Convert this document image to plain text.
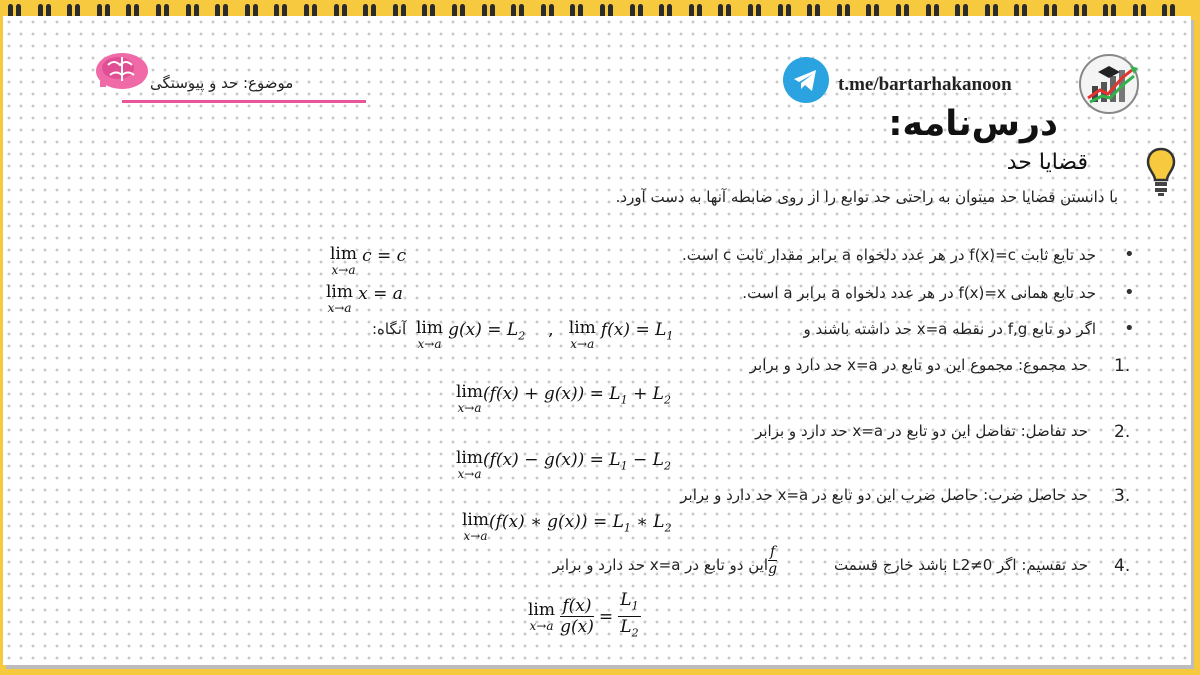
موضوع: حد و پیوستگی	t.me/bartarhakanoon
درس‌نامه:
قضایا حد
با دانستن قضایا حد میتوان به راحتی حد توابع را از روی ضابطه آنها به دست آورد.
•
حد تابع ثابت f(x)=c در هر عدد دلخواه a برابر مقدار ثابت c است.
lim
x→a
c = c
•
حد تابع همانی f(x)=x در هر عدد دلخواه a برابر a است.
lim
x→a
x = a
•
اگر دو تابع f,g در نقطه x=a حد داشته باشند و
lim
x→a
$g(x) = L_2$ , lim
x→a
$f(x) = L_1$
آنگاه:
1.
حد مجموع: مجموع این دو تابع در x=a حد دارد و برابر
lim
x→a
$(f(x) + g(x)) = L_1 + L_2$
2.
حد تفاضل: تفاضل این دو تابع در x=a حد دارد و برابر
lim
x→a
$(f(x) - g(x)) = L_1 - L_2$
3.
حد حاصل ضرب: حاصل ضرب این دو تابع در x=a حد دارد و برابر
lim
x→a
(f(x) ∗ $g(x)) = L_1$ ∗ $L_2$
4.
حد تقسیم: اگر L2≠0 باشد خارج قسمت
$\frac{f}{g}$
این دو تابع در x=a حد دارد و برابر
lim
x→a
$\frac{f(x)}{g(x)} = \frac{L_1}{L_2}$
